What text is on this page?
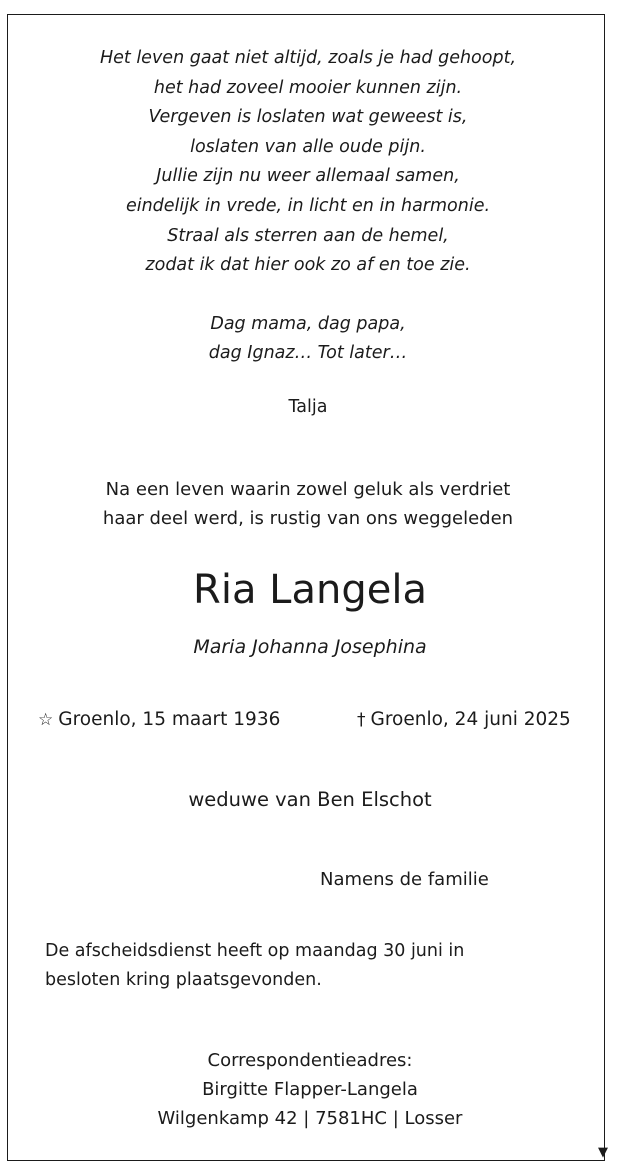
▼
Het leven gaat niet altijd, zoals je had gehoopt,
het had zoveel mooier kunnen zijn.
Vergeven is loslaten wat geweest is,
loslaten van alle oude pijn.
Jullie zijn nu weer allemaal samen,
eindelijk in vrede, in licht en in harmonie.
Straal als sterren aan de hemel,
zodat ik dat hier ook zo af en toe zie.
Dag mama, dag papa,
dag Ignaz… Tot later…
Talja
Na een leven waarin zowel geluk als verdriet
haar deel werd, is rustig van ons weggeleden
Ria Langela
Maria Johanna Josephina
☆ Groenlo, 15 maart 1936	† Groenlo, 24 juni 2025
weduwe van Ben Elschot
Namens de familie
De afscheidsdienst heeft op maandag 30 juni in
besloten kring plaatsgevonden.
Correspondentieadres:
Birgitte Flapper-Langela
Wilgenkamp 42 | 7581HC | Losser
